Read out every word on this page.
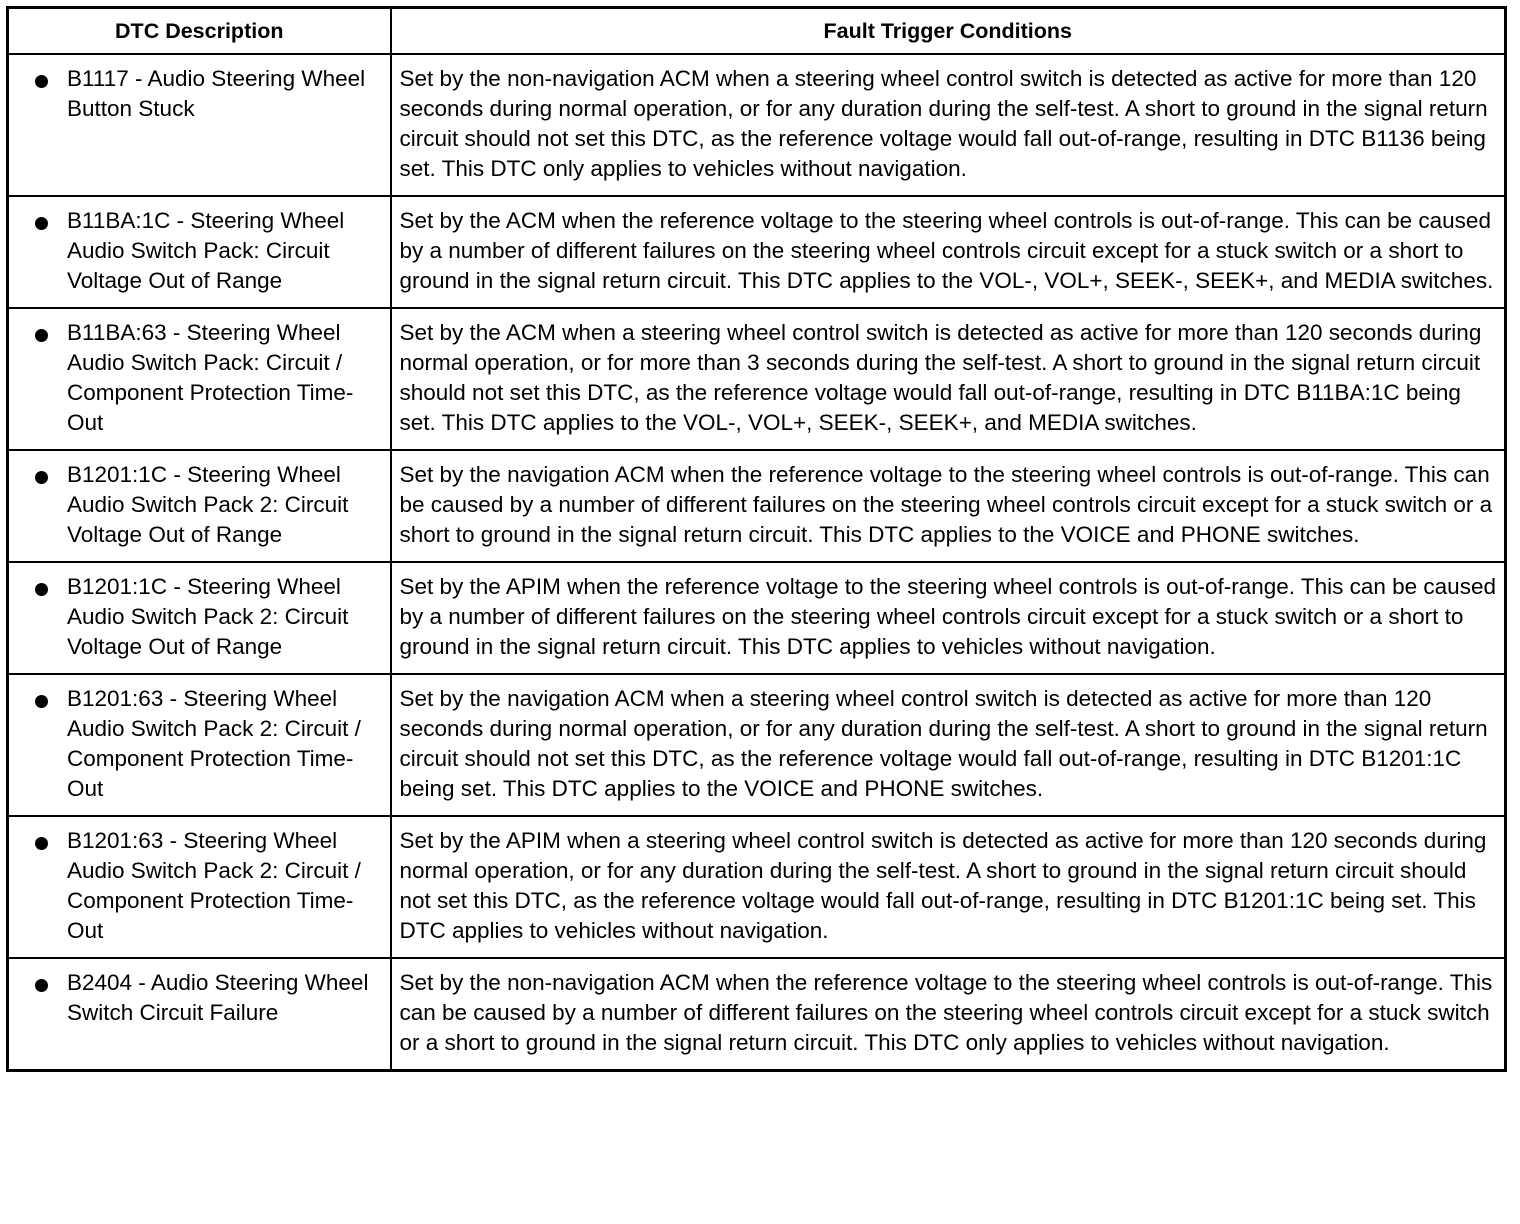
DTC Description	Fault Trigger Conditions

B1117 - Audio Steering Wheel Button Stuck	Set by the non-navigation ACM when a steering wheel control switch is detected as active for more than 120 seconds during normal operation, or for any duration during the self-test. A short to ground in the signal return circuit should not set this DTC, as the reference voltage would fall out-of-range, resulting in DTC B1136 being set. This DTC only applies to vehicles without navigation.

B11BA:1C - Steering Wheel Audio Switch Pack: Circuit Voltage Out of Range	Set by the ACM when the reference voltage to the steering wheel controls is out-of-range. This can be caused by a number of different failures on the steering wheel controls circuit except for a stuck switch or a short to ground in the signal return circuit. This DTC applies to the VOL-, VOL+, SEEK-, SEEK+, and MEDIA switches.

B11BA:63 - Steering Wheel Audio Switch Pack: Circuit / Component Protection Time-Out	Set by the ACM when a steering wheel control switch is detected as active for more than 120 seconds during normal operation, or for more than 3 seconds during the self-test. A short to ground in the signal return circuit should not set this DTC, as the reference voltage would fall out-of-range, resulting in DTC B11BA:1C being set. This DTC applies to the VOL-, VOL+, SEEK-, SEEK+, and MEDIA switches.

B1201:1C - Steering Wheel Audio Switch Pack 2: Circuit Voltage Out of Range	Set by the navigation ACM when the reference voltage to the steering wheel controls is out-of-range. This can be caused by a number of different failures on the steering wheel controls circuit except for a stuck switch or a short to ground in the signal return circuit. This DTC applies to the VOICE and PHONE switches.

B1201:1C - Steering Wheel Audio Switch Pack 2: Circuit Voltage Out of Range	Set by the APIM when the reference voltage to the steering wheel controls is out-of-range. This can be caused by a number of different failures on the steering wheel controls circuit except for a stuck switch or a short to ground in the signal return circuit. This DTC applies to vehicles without navigation.

B1201:63 - Steering Wheel Audio Switch Pack 2: Circuit / Component Protection Time-Out	Set by the navigation ACM when a steering wheel control switch is detected as active for more than 120 seconds during normal operation, or for any duration during the self-test. A short to ground in the signal return circuit should not set this DTC, as the reference voltage would fall out-of-range, resulting in DTC B1201:1C being set. This DTC applies to the VOICE and PHONE switches.

B1201:63 - Steering Wheel Audio Switch Pack 2: Circuit / Component Protection Time-Out	Set by the APIM when a steering wheel control switch is detected as active for more than 120 seconds during normal operation, or for any duration during the self-test. A short to ground in the signal return circuit should not set this DTC, as the reference voltage would fall out-of-range, resulting in DTC B1201:1C being set. This DTC applies to vehicles without navigation.

B2404 - Audio Steering Wheel Switch Circuit Failure	Set by the non-navigation ACM when the reference voltage to the steering wheel controls is out-of-range. This can be caused by a number of different failures on the steering wheel controls circuit except for a stuck switch or a short to ground in the signal return circuit. This DTC only applies to vehicles without navigation.
